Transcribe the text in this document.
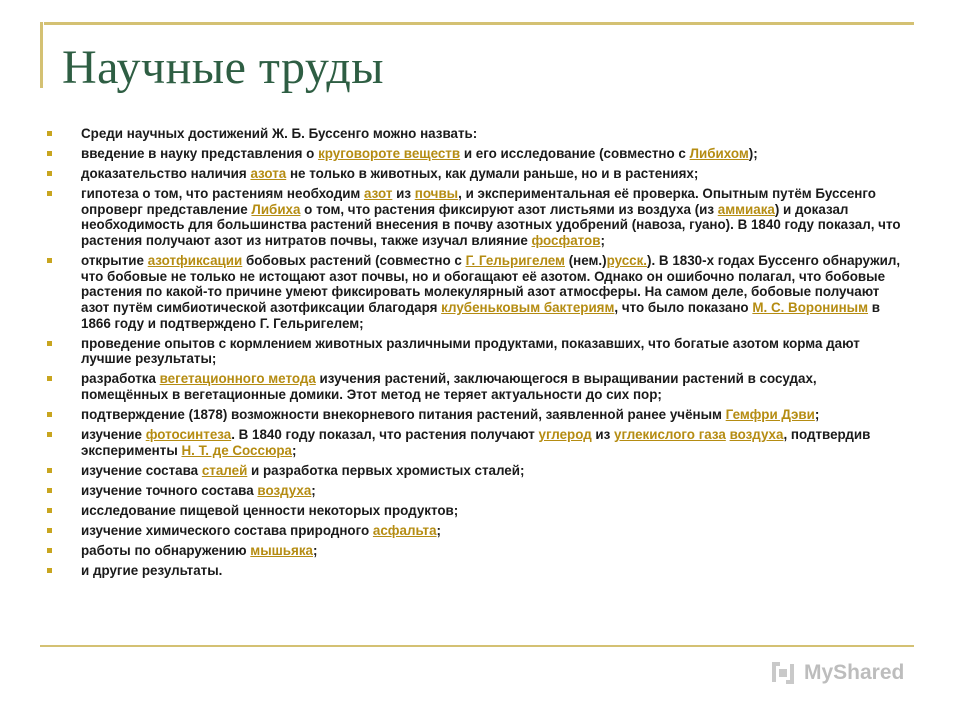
Научные труды
Среди научных достижений Ж. Б. Буссенго можно назвать:
введение в науку представления о круговороте веществ и его исследование (совместно с Либихом);
доказательство наличия азота не только в животных, как думали раньше, но и в растениях;
гипотеза о том, что растениям необходим азот из почвы, и экспериментальная её проверка. Опытным путём Буссенго опроверг представление Либиха о том, что растения фиксируют азот листьями из воздуха (из аммиака) и доказал необходимость для большинства растений внесения в почву азотных удобрений (навоза, гуано). В 1840 году показал, что растения получают азот из нитратов почвы, также изучал влияние фосфатов;
открытие азотфиксации бобовых растений (совместно с Г. Гельригелем (нем.)русск.). В 1830-х годах Буссенго обнаружил, что бобовые не только не истощают азот почвы, но и обогащают её азотом. Однако он ошибочно полагал, что бобовые растения по какой-то причине умеют фиксировать молекулярный азот атмосферы. На самом деле, бобовые получают азот путём симбиотической азотфиксации благодаря клубеньковым бактериям, что было показано М. С. Ворониным в 1866 году и подтверждено Г. Гельригелем;
проведение опытов с кормлением животных различными продуктами, показавших, что богатые азотом корма дают лучшие результаты;
разработка вегетационного метода изучения растений, заключающегося в выращивании растений в сосудах, помещённых в вегетационные домики. Этот метод не теряет актуальности до сих пор;
подтверждение (1878) возможности внекорневого питания растений, заявленной ранее учёным Гемфри Дэви;
изучение фотосинтеза. В 1840 году показал, что растения получают углерод из углекислого газа воздуха, подтвердив эксперименты Н. Т. де Соссюра;
изучение состава сталей и разработка первых хромистых сталей;
изучение точного состава воздуха;
исследование пищевой ценности некоторых продуктов;
изучение химического состава природного асфальта;
работы по обнаружению мышьяка;
и другие результаты.
MyShared
